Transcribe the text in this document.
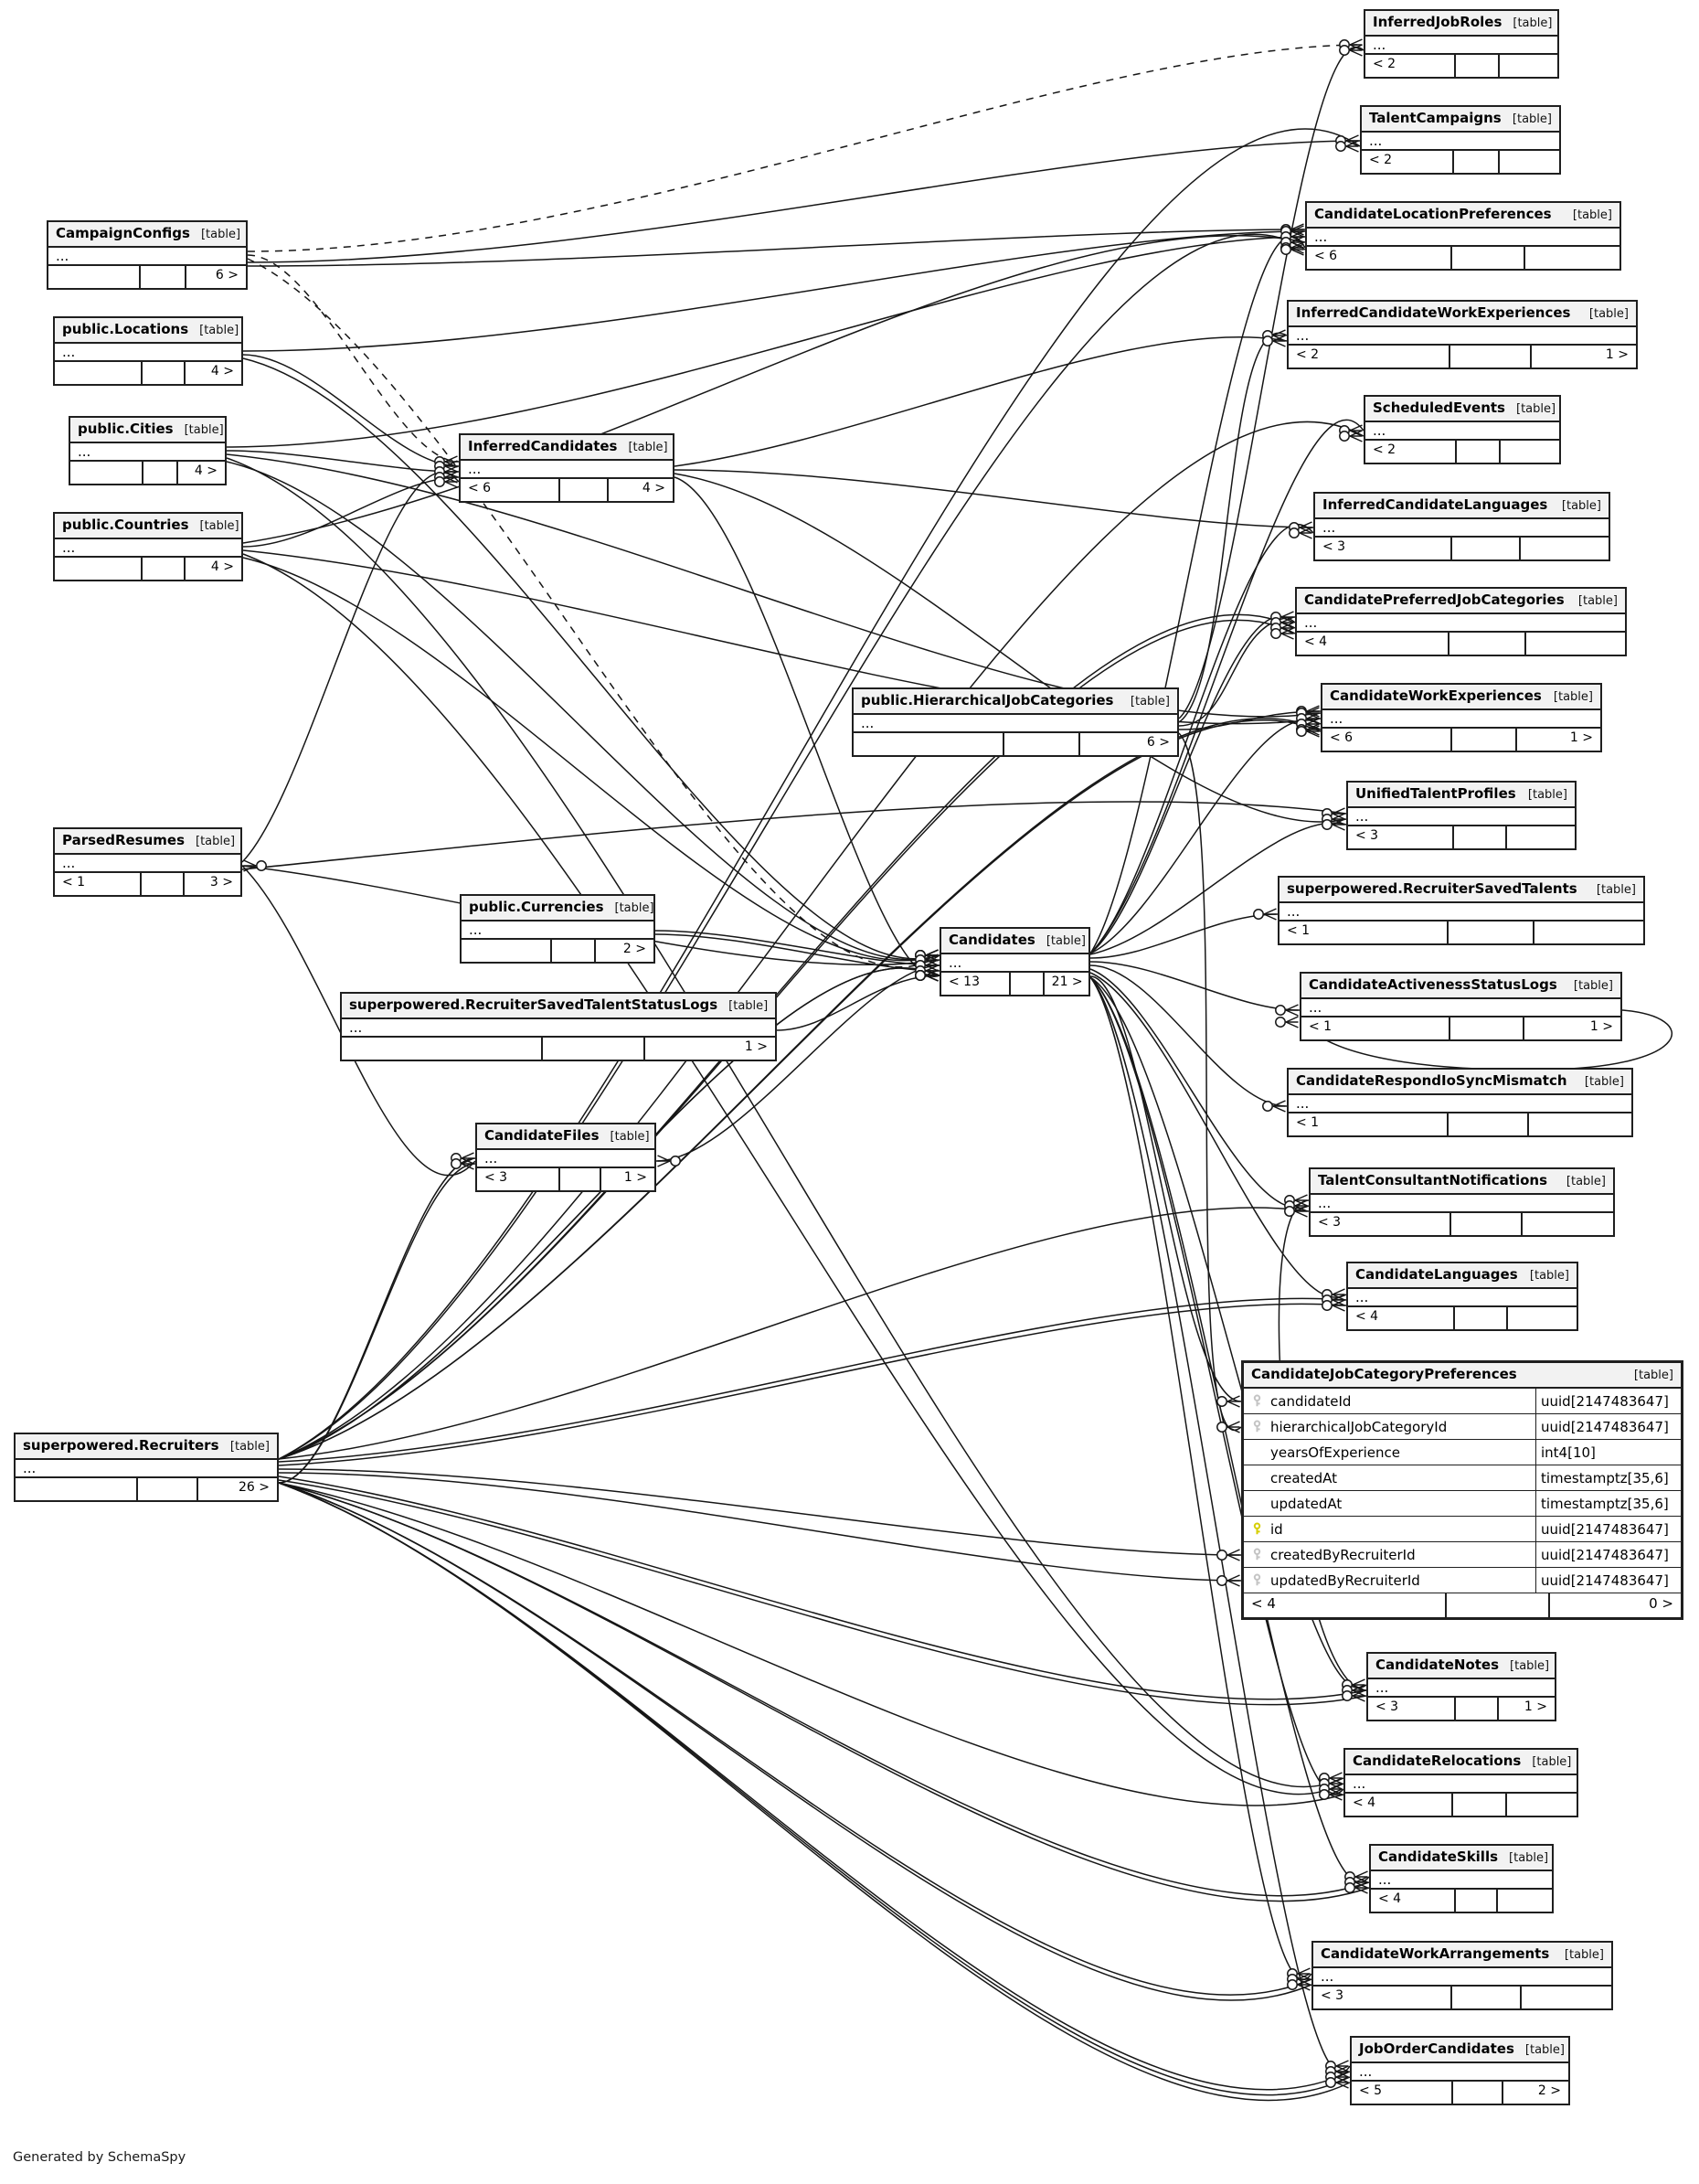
InferredJobRoles [table]
...
< 2
TalentCampaigns [table]
...
< 2
CampaignConfigs [table]
...
6 >
CandidateLocationPreferences [table]
...
< 6
InferredCandidateWorkExperiences [table]
...
< 2	1 >
public.Locations [table]
...
4 >
ScheduledEvents [table]
...
< 2
public.Cities [table]
...
4 >
InferredCandidates [table]
...
< 6	4 >
InferredCandidateLanguages [table]
...
< 3
public.Countries [table]
...
4 >
CandidatePreferredJobCategories [table]
...
< 4
public.HierarchicalJobCategories [table]
...
6 >
CandidateWorkExperiences [table]
...
< 6	1 >
UnifiedTalentProfiles [table]
...
< 3
ParsedResumes [table]
...
< 1	3 >	superpowered.RecruiterSavedTalents [table]
...
< 1
public.Currencies [table]
...
2 >
Candidates [table]
...
< 13	21 >	CandidateActivenessStatusLogs [table]
...
< 1	1 >
superpowered.RecruiterSavedTalentStatusLogs [table]
...
1 >
CandidateRespondIoSyncMismatch [table]
...
< 1
CandidateFiles [table]
...
< 3	1 >	TalentConsultantNotifications [table]
...
< 3
CandidateLanguages [table]
...
< 4
CandidateJobCategoryPreferences	[table]
candidateId	uuid[2147483647]
hierarchicalJobCategoryId	uuid[2147483647]
yearsOfExperience	int4[10]
createdAt	timestamptz[35,6]
updatedAt	timestamptz[35,6]
id	uuid[2147483647]
createdByRecruiterId	uuid[2147483647]
updatedByRecruiterId	uuid[2147483647]
< 4	0 >
superpowered.Recruiters [table]
...
26 >
CandidateNotes [table]
...
< 3	1 >
CandidateRelocations [table]
...
< 4
CandidateSkills [table]
...
< 4
CandidateWorkArrangements [table]
...
< 3
JobOrderCandidates [table]
...
< 5	2 >
Generated by SchemaSpy
